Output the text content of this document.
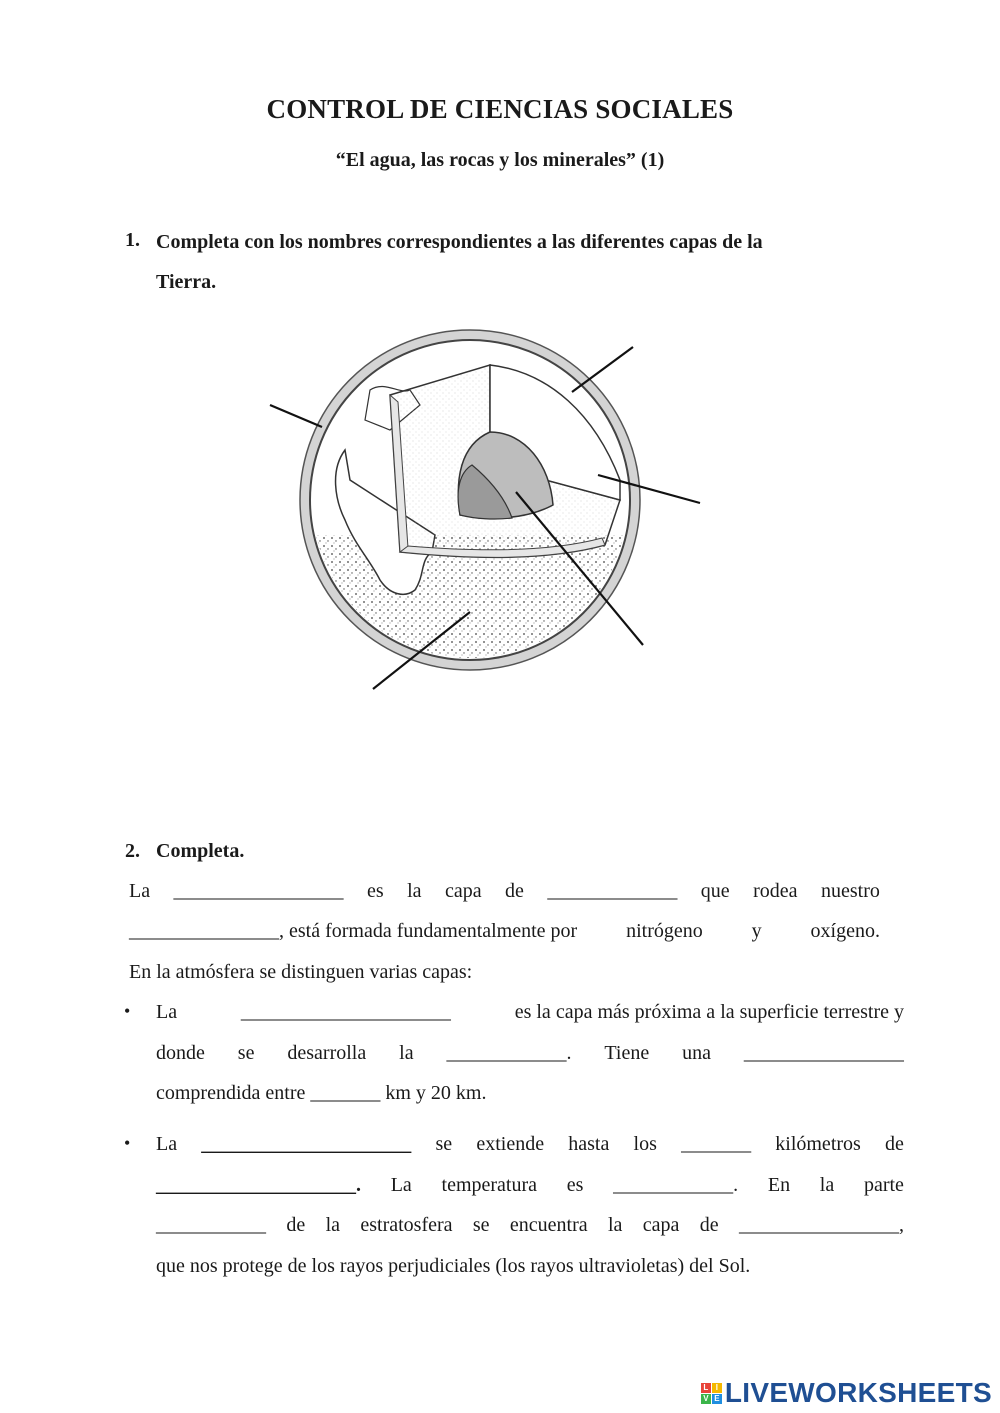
CONTROL DE CIENCIAS SOCIALES
“El agua, las rocas y los minerales” (1)
1. Completa con los nombres correspondientes a las diferentes capas de la
Tierra.
2. Completa.
La _________________ es la capa de _____________ que rodea nuestro
_______________, está formada fundamentalmente por nitrógeno y oxígeno.
En la atmósfera se distinguen varias capas:
• La	_____________________	es la capa más próxima a la superficie terrestre y
donde se desarrolla la ____________. Tiene una ________________
comprendida entre _______ km y 20 km.
• La _____________________ se extiende hasta los _______ kilómetros de
____________________. La temperatura es ____________. En la parte
___________ de la estratosfera se encuentra la capa de ________________,
que nos protege de los rayos perjudiciales (los rayos ultravioletas) del Sol.
L I
V E LIVEWORKSHEETS
